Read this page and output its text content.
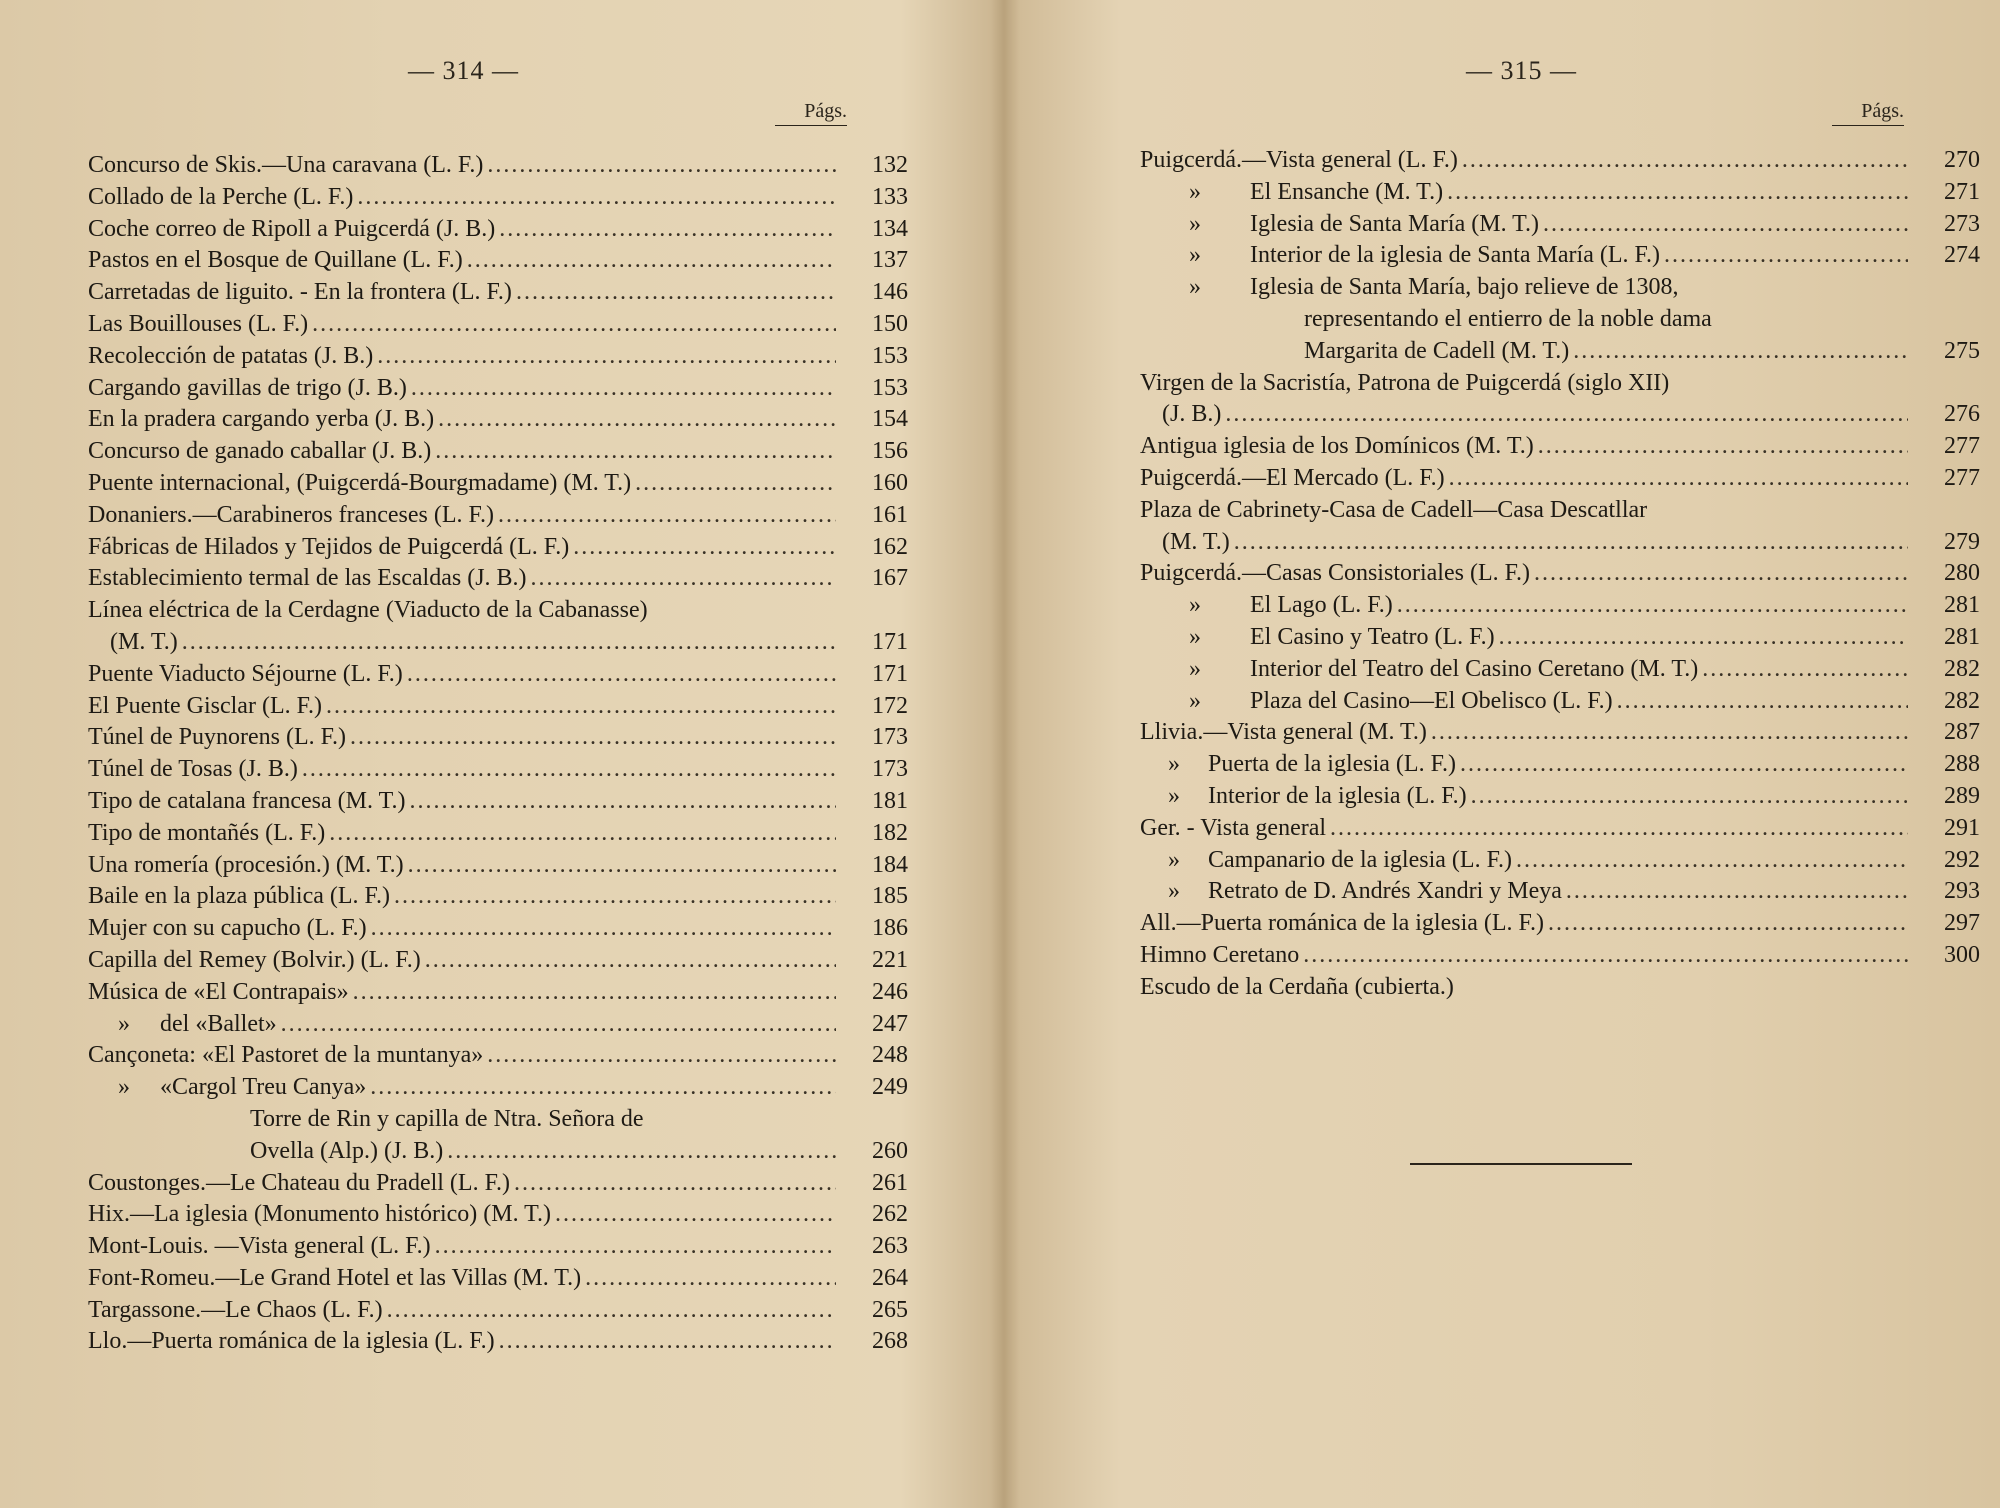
— 314 —
Págs.
Concurso de Skis.—Una caravana (L. F.) .....	132
Collado de la Perche (L. F.) .....	133
Coche correo de Ripoll a Puigcerdá (J. B.) .....	134
Pastos en el Bosque de Quillane (L. F.) .....	137
Carretadas de liguito. - En la frontera (L. F.) .....	146
Las Bouillouses (L. F.) .....	150
Recolección de patatas (J. B.) .....	153
Cargando gavillas de trigo (J. B.) .....	153
En la pradera cargando yerba (J. B.) .....	154
Concurso de ganado caballar (J. B.) .....	156
Puente internacional, (Puigcerdá-Bourgmadame) (M. T.) .....	160
Donaniers.—Carabineros franceses (L. F.) .....	161
Fábricas de Hilados y Tejidos de Puigcerdá (L. F.) .....	162
Establecimiento termal de las Escaldas (J. B.) .....	167
Línea eléctrica de la Cerdagne (Viaducto de la Cabanasse)
(M. T.) .....	171
Puente Viaducto Séjourne (L. F.) .....	171
El Puente Gisclar (L. F.) .....	172
Túnel de Puynorens (L. F.) .....	173
Túnel de Tosas (J. B.) .....	173
Tipo de catalana francesa (M. T.) .....	181
Tipo de montañés (L. F.) .....	182
Una romería (procesión.) (M. T.) .....	184
Baile en la plaza pública (L. F.) .....	185
Mujer con su capucho (L. F.) .....	186
Capilla del Remey (Bolvir.) (L. F.) .....	221
Música de «El Contrapais» .....	246
»	del «Ballet» .....	247
Cançoneta: «El Pastoret de la muntanya» .....	248
»	«Cargol Treu Canya» .....	249
Torre de Rin y capilla de Ntra. Señora de
Ovella (Alp.) (J. B.) .....	260
Coustonges.—Le Chateau du Pradell (L. F.) .....	261
Hix.—La iglesia (Monumento histórico) (M. T.) .....	262
Mont-Louis. —Vista general (L. F.) .....	263
Font-Romeu.—Le Grand Hotel et las Villas (M. T.) .....	264
Targassone.—Le Chaos (L. F.) .....	265
Llo.—Puerta románica de la iglesia (L. F.) .....	268
— 315 —
Págs.
Puigcerdá.—Vista general (L. F.) .....	270
»	El Ensanche (M. T.) .....	271
»	Iglesia de Santa María (M. T.) .....	273
»	Interior de la iglesia de Santa María (L. F.) .....	274
»	Iglesia de Santa María, bajo relieve de 1308,
representando el entierro de la noble dama
Margarita de Cadell (M. T.) .....	275
Virgen de la Sacristía, Patrona de Puigcerdá (siglo XII)
(J. B.) .....	276
Antigua iglesia de los Domínicos (M. T.) .....	277
Puigcerdá.—El Mercado (L. F.) .....	277
Plaza de Cabrinety-Casa de Cadell—Casa Descatllar
(M. T.) .....	279
Puigcerdá.—Casas Consistoriales (L. F.) .....	280
»	El Lago (L. F.) .....	281
»	El Casino y Teatro (L. F.) .....	281
»	Interior del Teatro del Casino Ceretano (M. T.) .....	282
»	Plaza del Casino—El Obelisco (L. F.) .....	282
Llivia.—Vista general (M. T.) .....	287
»	Puerta de la iglesia (L. F.) .....	288
»	Interior de la iglesia (L. F.) .....	289
Ger. - Vista general .....	291
»	Campanario de la iglesia (L. F.) .....	292
»	Retrato de D. Andrés Xandri y Meya .....	293
All.—Puerta románica de la iglesia (L. F.) .....	297
Himno Ceretano .....	300
Escudo de la Cerdaña (cubierta.)
